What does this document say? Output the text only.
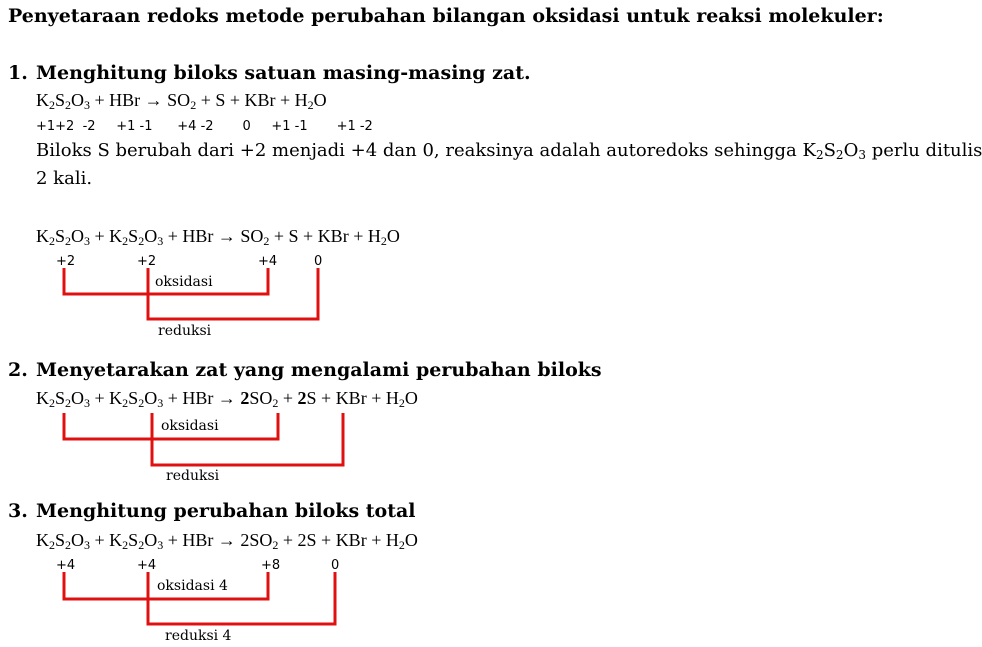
Penyetaraan redoks metode perubahan bilangan oksidasi untuk reaksi molekuler:
1. Menghitung biloks satuan masing-masing zat.
$K_2S_2O_3$ + HBr → $SO_2 + S$ + KBr + $H_2O$
+1+2  -2     +1 -1      +4 -2       0     +1 -1       +1 -2
Biloks S berubah dari +2 menjadi +4 dan 0, reaksinya adalah autoredoks sehingga $K_2S_2O_3$ perlu ditulis
2 kali.
$K_2S_2O_3 + K_2S_2O_3$ + HBr → $SO_2 + S$ + KBr + $H_2O$
+2	+2	+4	0
oksidasi
reduksi
2. Menyetarakan zat yang mengalami perubahan biloks
$K_2S_2O_3 + K_2S_2O_3$ + HBr → $2SO_2 + 2S$ + KBr + $H_2O$
oksidasi
reduksi
3. Menghitung perubahan biloks total
$K_2S_2O_3 + K_2S_2O_3$ + HBr → $2SO_2 + 2S$ + KBr + $H_2O$
+4	+4	+8	0
oksidasi 4
reduksi 4
